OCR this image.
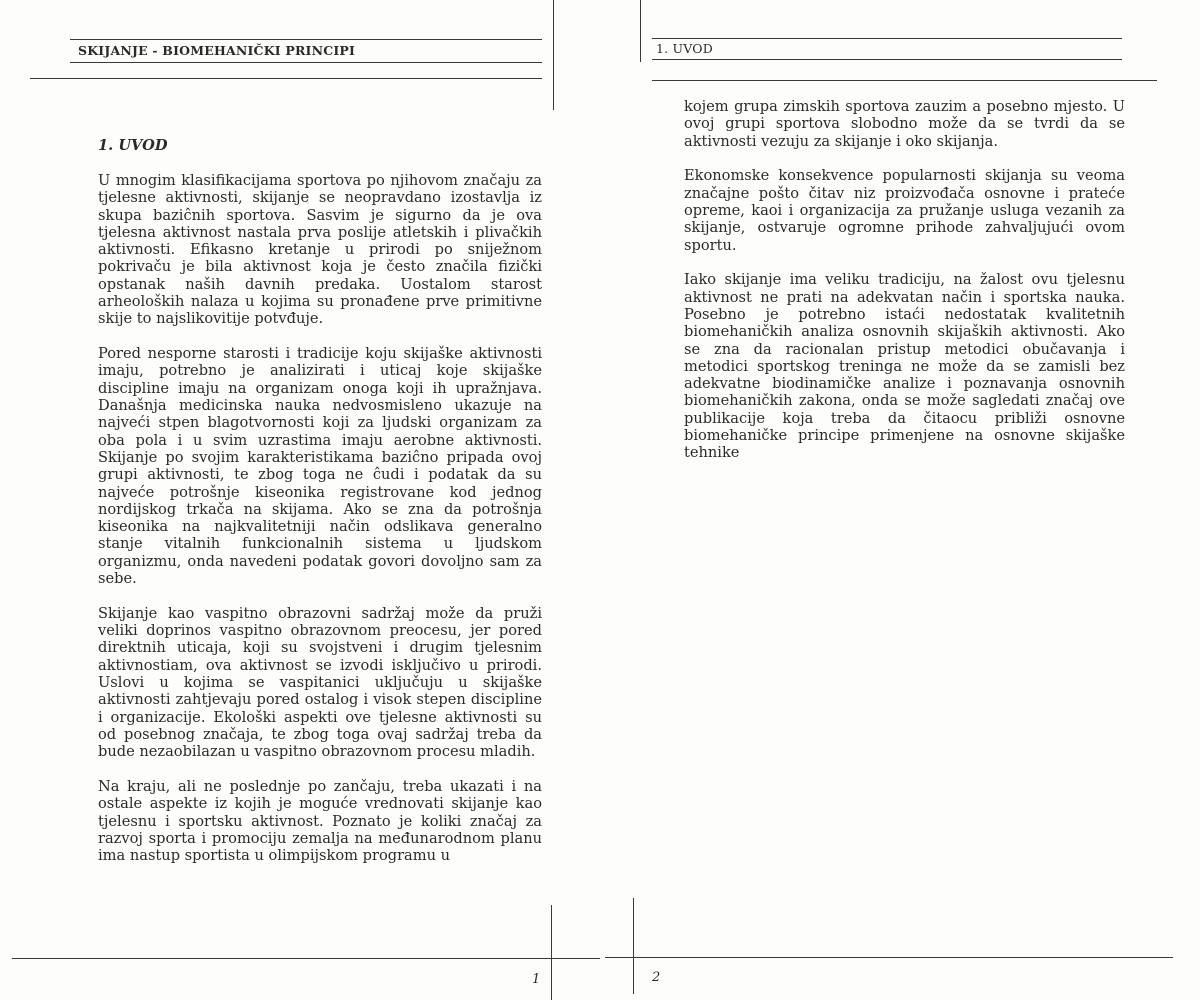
SKIJANJE - BIOMEHANIČKI PRINCIPI
1. UVOD

U mnogim klasifikacijama sportova po njihovom značaju za tjelesne aktivnosti, skijanje se neopravdano izostavlja iz skupa baziĉnih sportova. Sasvim je sigurno da je ova tjelesna aktivnost nastala prva poslije atletskih i plivačkih aktivnosti. Efikasno kretanje u prirodi po sniježnom pokrivaču je bila aktivnost koja je često značila fizički opstanak naših davnih predaka. Uostalom starost arheoloških nalaza u kojima su pronađene prve primitivne skije to najslikovitije potvđuje.

Pored nesporne starosti i tradicije koju skijaške aktivnosti imaju, potrebno je analizirati i uticaj koje skijaške discipline imaju na organizam onoga koji ih upražnjava. Današnja medicinska nauka nedvosmisleno ukazuje na najveći stpen blagotvornosti koji za ljudski organizam za oba pola i u svim uzrastima imaju aerobne aktivnosti. Skijanje po svojim karakteristikama baziĉno pripada ovoj grupi aktivnosti, te zbog toga ne ĉudi i podatak da su najveće potrošnje kiseonika registrovane kod jednog nordijskog trkača na skijama. Ako se zna da potrošnja kiseonika na najkvalitetniji način odslikava generalno stanje vitalnih funkcionalnih sistema u ljudskom organizmu, onda navedeni podatak govori dovoljno sam za sebe.

Skijanje kao vaspitno obrazovni sadržaj može da pruži veliki doprinos vaspitno obrazovnom preocesu, jer pored direktnih uticaja, koji su svojstveni i drugim tjelesnim aktivnostiam, ova aktivnost se izvodi isključivo u prirodi. Uslovi u kojima se vaspitanici uključuju u skijaške aktivnosti zahtjevaju pored ostalog i visok stepen discipline i organizacije. Ekološki aspekti ove tjelesne aktivnosti su od posebnog značaja, te zbog toga ovaj sadržaj treba da bude nezaobilazan u vaspitno obrazovnom procesu mladih.

Na kraju, ali ne poslednje po zančaju, treba ukazati i na ostale aspekte iz kojih je moguće vrednovati skijanje kao tjelesnu i sportsku aktivnost. Poznato je koliki značaj za razvoj sporta i promociju zemalja na međunarodnom planu ima nastup sportista u olimpijskom programu u

1
1. UVOD

kojem grupa zimskih sportova zauzim a posebno mjesto. U ovoj grupi sportova slobodno može da se tvrdi da se aktivnosti vezuju za skijanje i oko skijanja.

Ekonomske konsekvence popularnosti skijanja su veoma značajne pošto čitav niz proizvođača osnovne i prateće opreme, kaoi i organizacija za pružanje usluga vezanih za skijanje, ostvaruje ogromne prihode zahvaljujući ovom sportu.

Iako skijanje ima veliku tradiciju, na žalost ovu tjelesnu aktivnost ne prati na adekvatan način i sportska nauka. Posebno je potrebno istaći nedostatak kvalitetnih biomehaničkih analiza osnovnih skijaških aktivnosti. Ako se zna da racionalan pristup metodici obučavanja i metodici sportskog treninga ne može da se zamisli bez adekvatne biodinamičke analize i poznavanja osnovnih biomehaničkih zakona, onda se može sagledati značaj ove publikacije koja treba da čitaocu približi osnovne biomehaničke principe primenjene na osnovne skijaške tehnike

2
